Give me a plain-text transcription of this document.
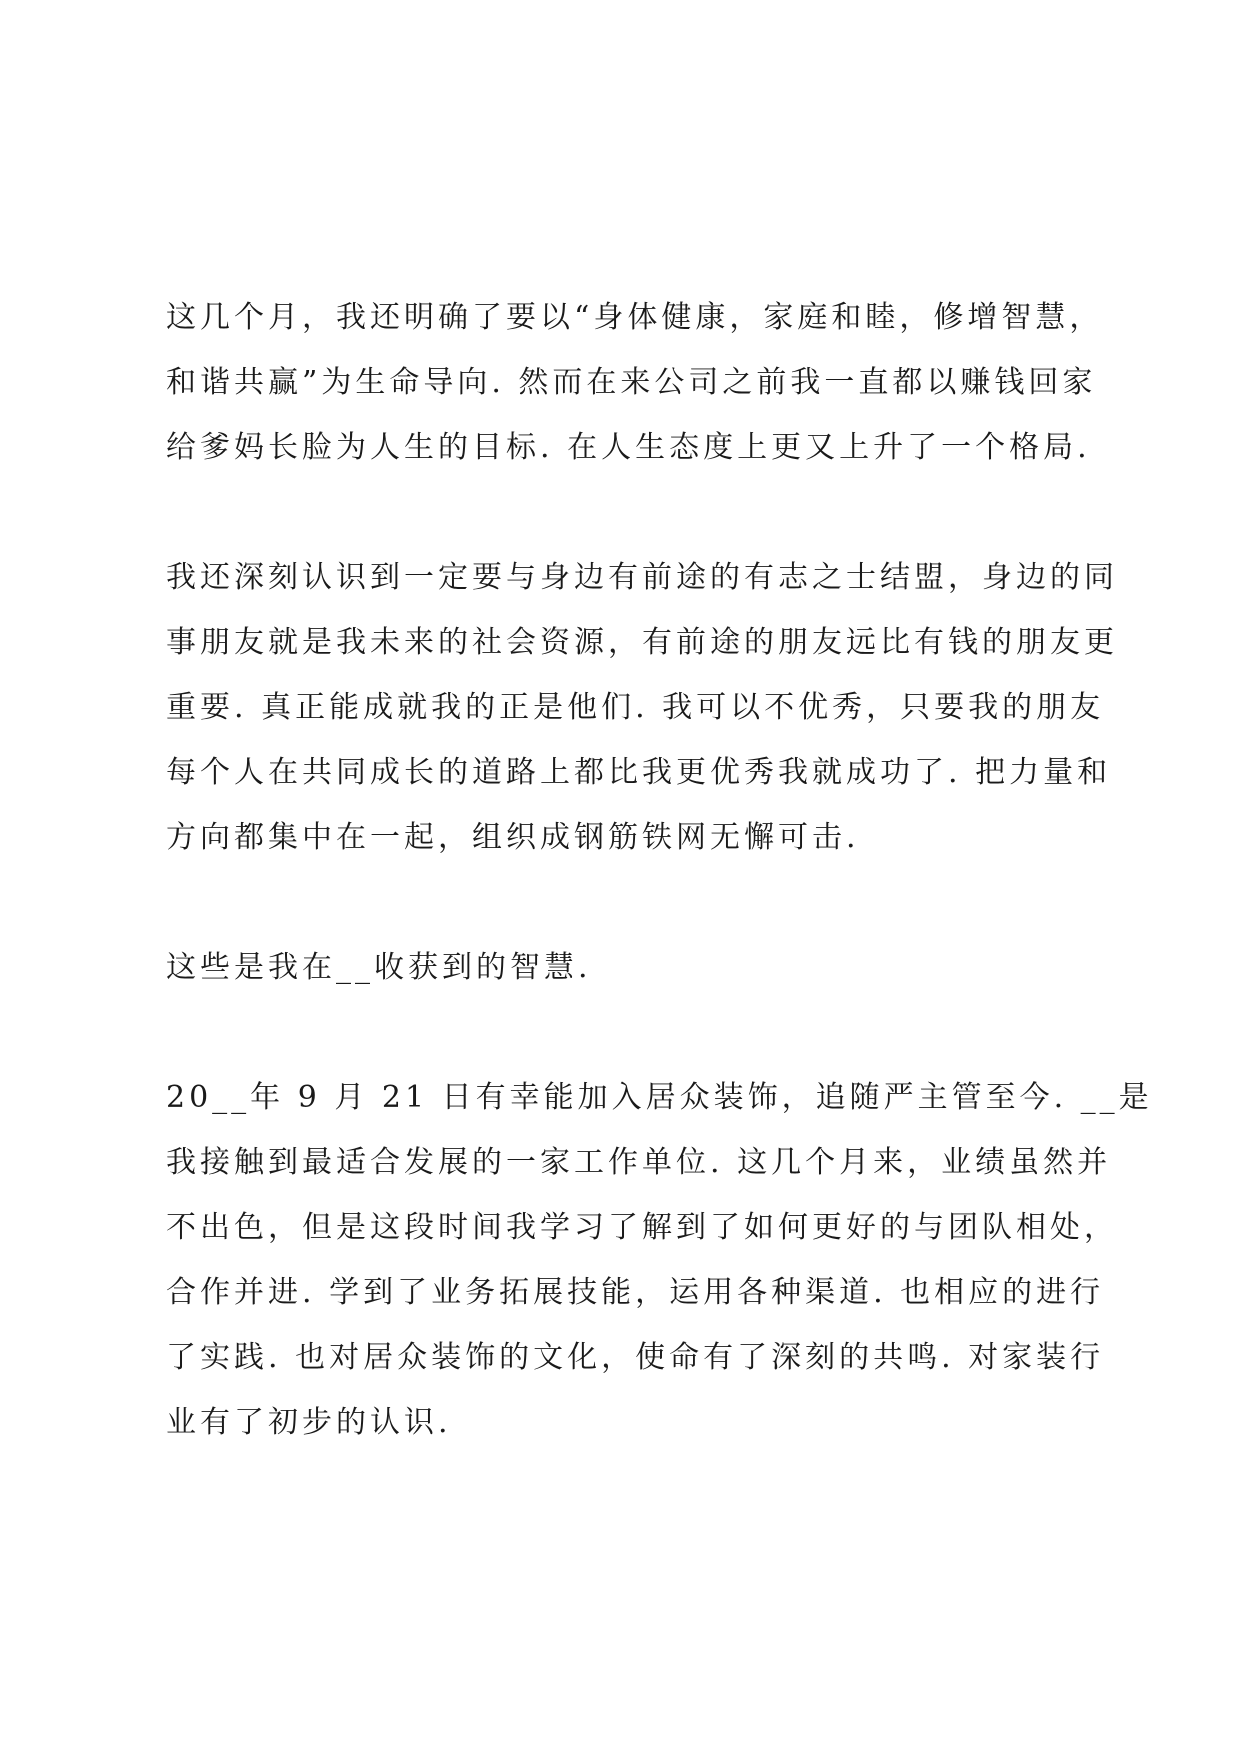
这几个月，我还明确了要以“身体健康，家庭和睦，修增智慧，
和谐共赢”为生命导向. 然而在来公司之前我一直都以赚钱回家
给爹妈长脸为人生的目标. 在人生态度上更又上升了一个格局.

我还深刻认识到一定要与身边有前途的有志之士结盟，身边的同
事朋友就是我未来的社会资源，有前途的朋友远比有钱的朋友更
重要. 真正能成就我的正是他们. 我可以不优秀，只要我的朋友
每个人在共同成长的道路上都比我更优秀我就成功了. 把力量和
方向都集中在一起，组织成钢筋铁网无懈可击.

这些是我在__收获到的智慧.

20__年 9 月 21 日有幸能加入居众装饰，追随严主管至今. __是
我接触到最适合发展的一家工作单位. 这几个月来，业绩虽然并
不出色，但是这段时间我学习了解到了如何更好的与团队相处，
合作并进. 学到了业务拓展技能，运用各种渠道. 也相应的进行
了实践. 也对居众装饰的文化，使命有了深刻的共鸣. 对家装行
业有了初步的认识.
